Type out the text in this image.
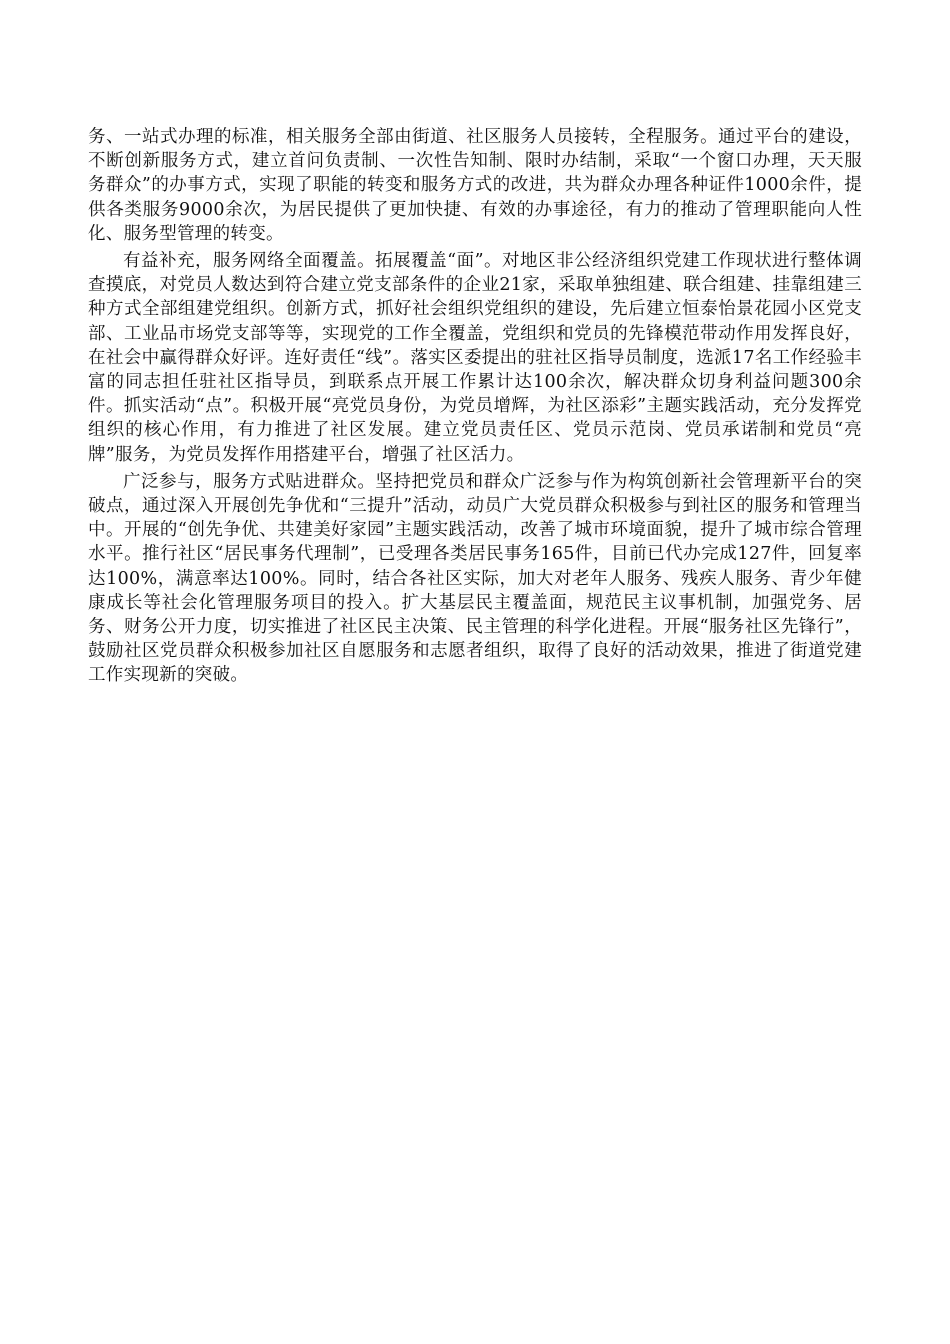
务、一站式办理的标准，相关服务全部由街道、社区服务人员接转，全程服务。通过平台的建设，不断创新服务方式，建立首问负责制、一次性告知制、限时办结制，采取“一个窗口办理，天天服务群众”的办事方式，实现了职能的转变和服务方式的改进，共为群众办理各种证件1000余件，提供各类服务9000余次，为居民提供了更加快捷、有效的办事途径，有力的推动了管理职能向人性化、服务型管理的转变。

有益补充，服务网络全面覆盖。拓展覆盖“面”。对地区非公经济组织党建工作现状进行整体调查摸底，对党员人数达到符合建立党支部条件的企业21家，采取单独组建、联合组建、挂靠组建三种方式全部组建党组织。创新方式，抓好社会组织党组织的建设，先后建立恒泰怡景花园小区党支部、工业品市场党支部等等，实现党的工作全覆盖，党组织和党员的先锋模范带动作用发挥良好，在社会中赢得群众好评。连好责任“线”。落实区委提出的驻社区指导员制度，选派17名工作经验丰富的同志担任驻社区指导员，到联系点开展工作累计达100余次，解决群众切身利益问题300余件。抓实活动“点”。积极开展“亮党员身份，为党员增辉，为社区添彩”主题实践活动，充分发挥党组织的核心作用，有力推进了社区发展。建立党员责任区、党员示范岗、党员承诺制和党员“亮牌”服务，为党员发挥作用搭建平台，增强了社区活力。

广泛参与，服务方式贴进群众。坚持把党员和群众广泛参与作为构筑创新社会管理新平台的突破点，通过深入开展创先争优和“三提升”活动，动员广大党员群众积极参与到社区的服务和管理当中。开展的“创先争优、共建美好家园”主题实践活动，改善了城市环境面貌，提升了城市综合管理水平。推行社区“居民事务代理制”，已受理各类居民事务165件，目前已代办完成127件，回复率达100%，满意率达100%。同时，结合各社区实际，加大对老年人服务、残疾人服务、青少年健康成长等社会化管理服务项目的投入。扩大基层民主覆盖面，规范民主议事机制，加强党务、居务、财务公开力度，切实推进了社区民主决策、民主管理的科学化进程。开展“服务社区先锋行”，鼓励社区党员群众积极参加社区自愿服务和志愿者组织，取得了良好的活动效果，推进了街道党建工作实现新的突破。
